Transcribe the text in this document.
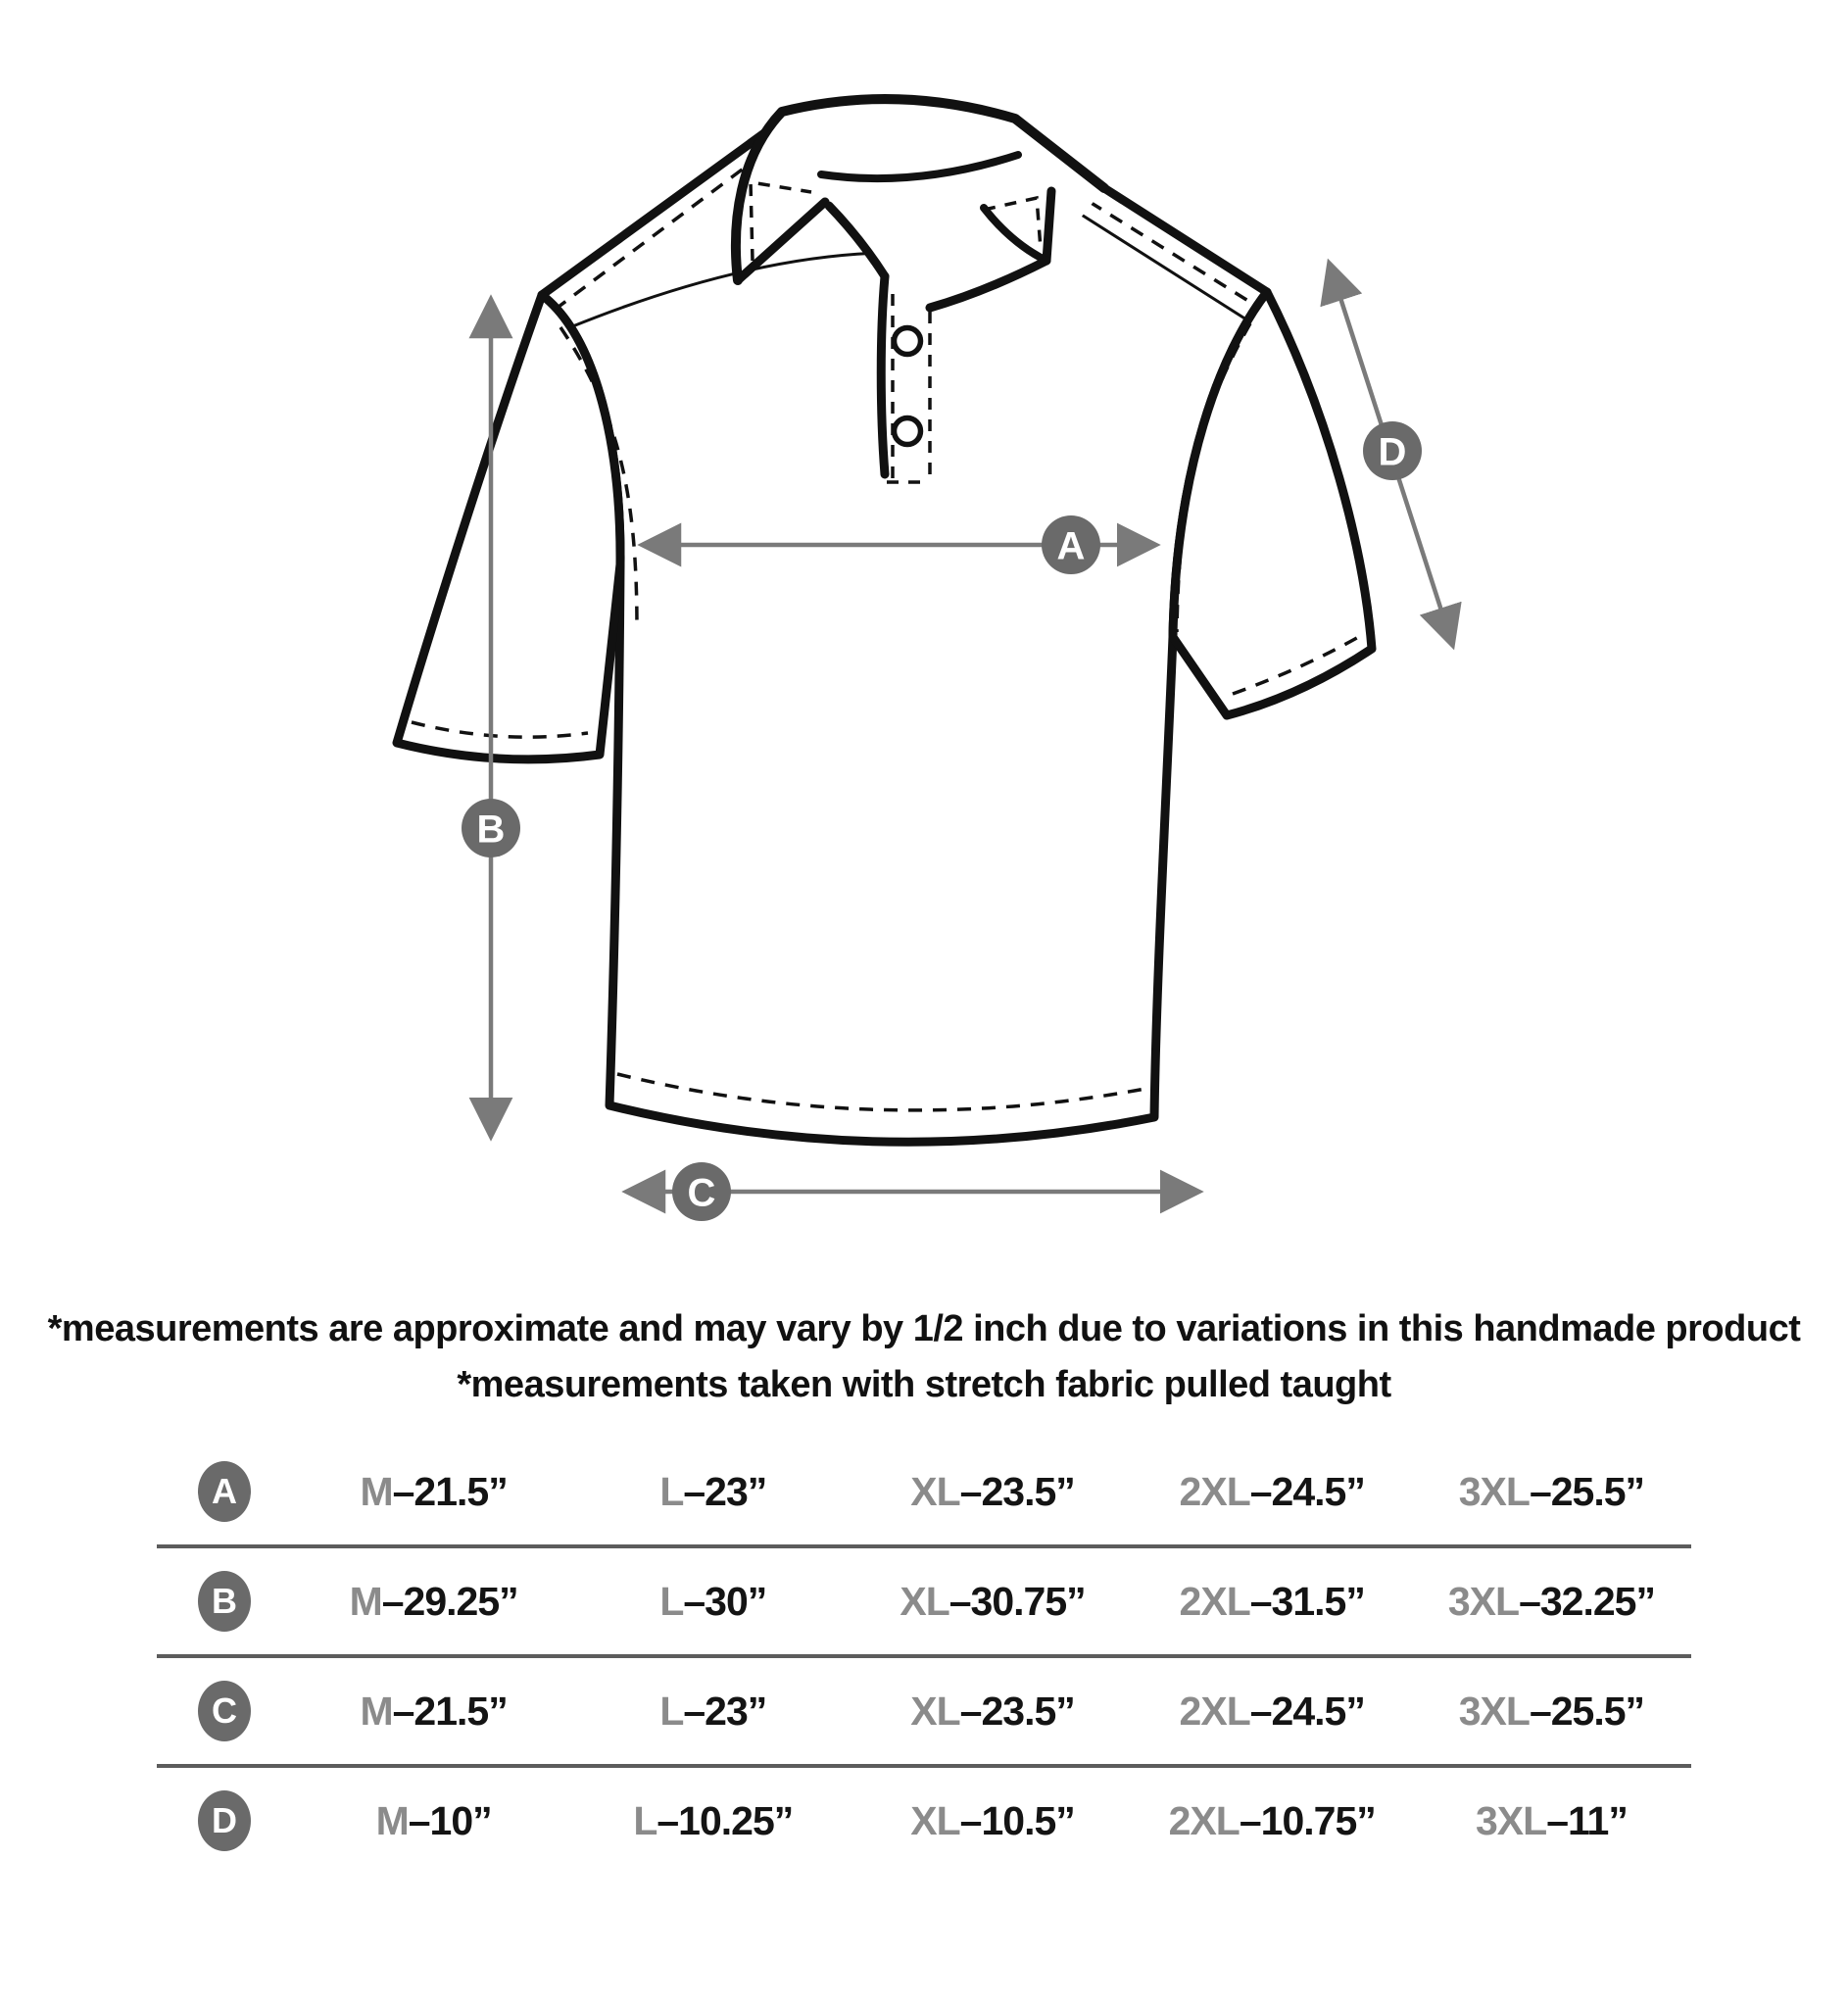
A
B
C
D
*measurements are approximate and may vary by 1/2 inch due to variations in this handmade product
*measurements taken with stretch fabric pulled taught
A	M–21.5”	L–23”	XL–23.5”	2XL–24.5”	3XL–25.5”
B	M–29.25”	L–30”	XL–30.75”	2XL–31.5”	3XL–32.25”
C	M–21.5”	L–23”	XL–23.5”	2XL–24.5”	3XL–25.5”
D	M–10”	L–10.25”	XL–10.5”	2XL–10.75”	3XL–11”
